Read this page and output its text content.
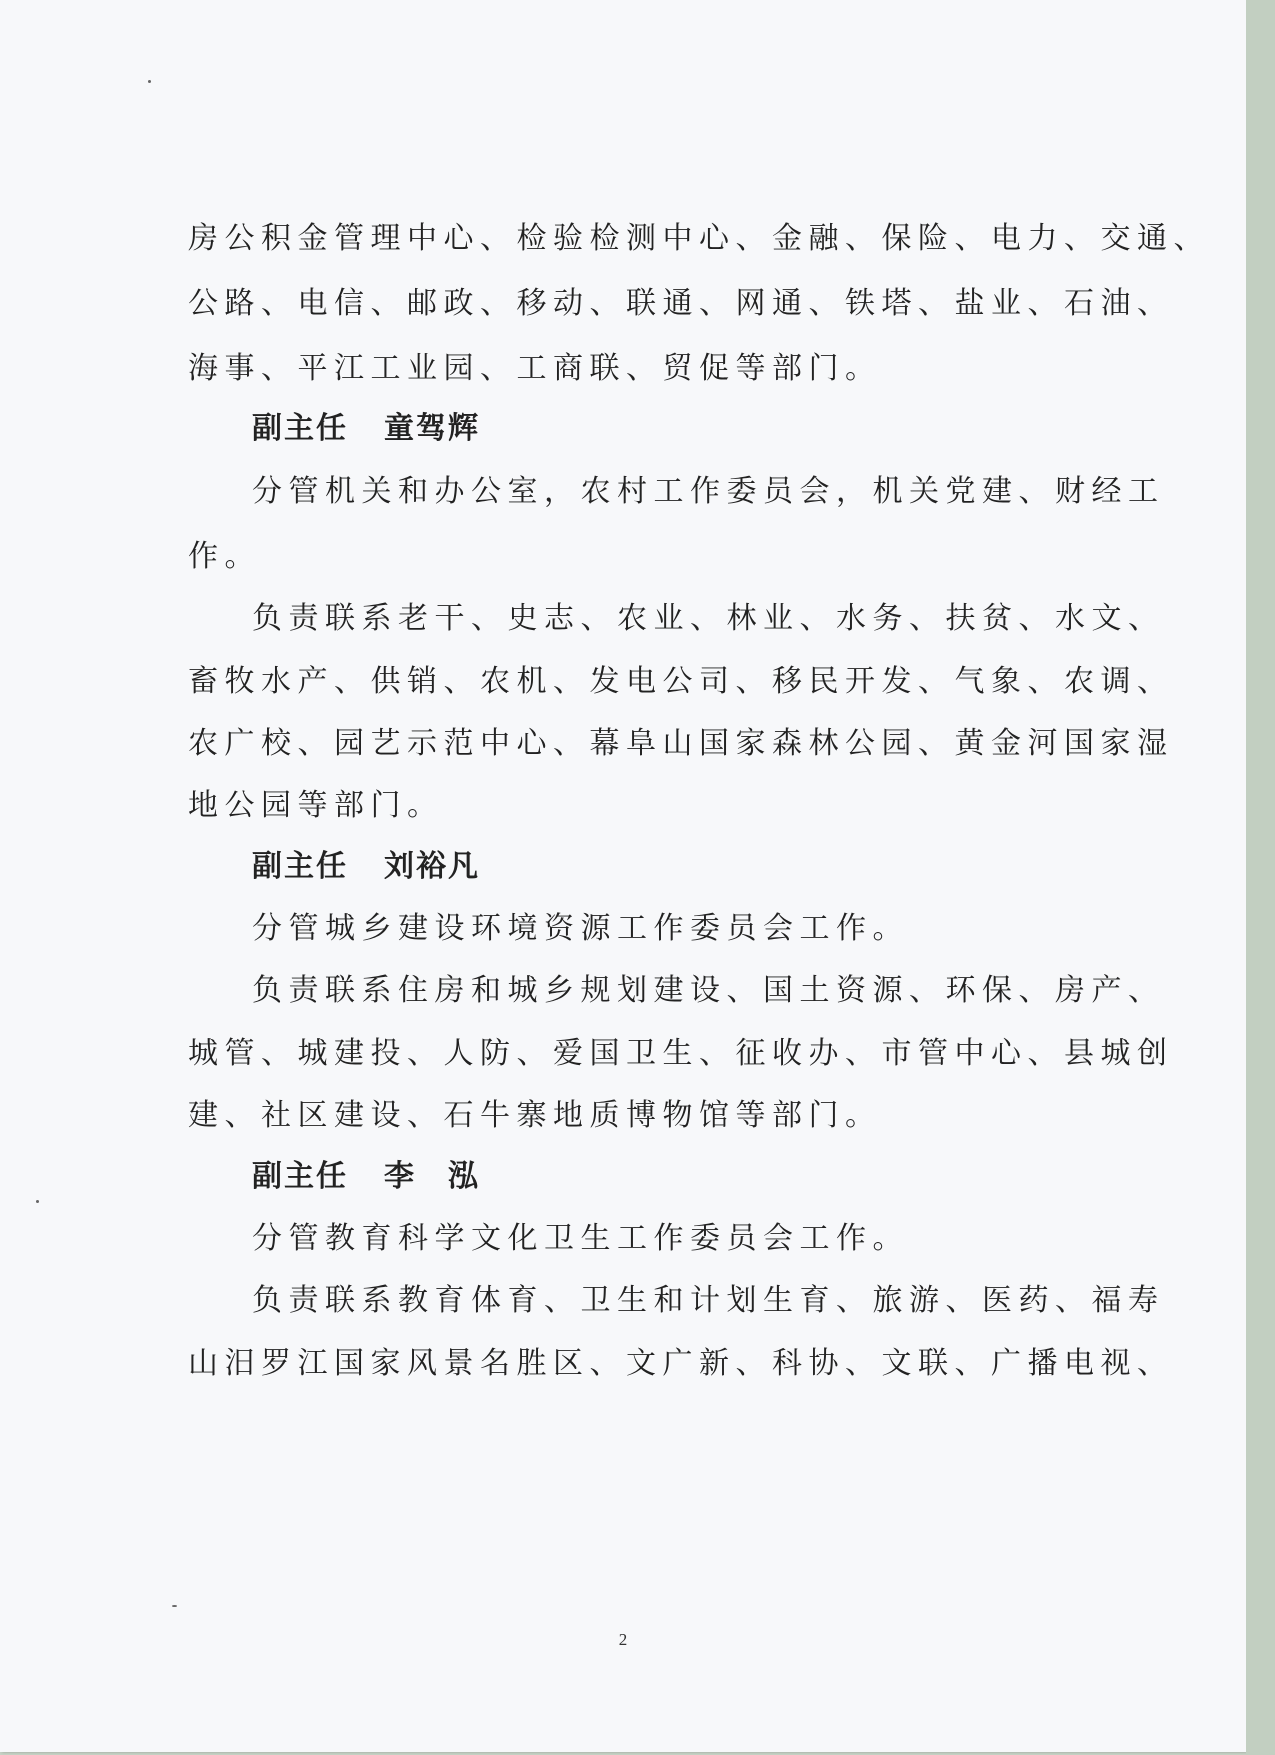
房公积金管理中心、检验检测中心、金融、保险、电力、交通、
公路、电信、邮政、移动、联通、网通、铁塔、盐业、石油、
海事、平江工业园、工商联、贸促等部门。
副主任 童驾辉
分管机关和办公室，农村工作委员会，机关党建、财经工
作。
负责联系老干、史志、农业、林业、水务、扶贫、水文、
畜牧水产、供销、农机、发电公司、移民开发、气象、农调、
农广校、园艺示范中心、幕阜山国家森林公园、黄金河国家湿
地公园等部门。
副主任 刘裕凡
分管城乡建设环境资源工作委员会工作。
负责联系住房和城乡规划建设、国土资源、环保、房产、
城管、城建投、人防、爱国卫生、征收办、市管中心、县城创
建、社区建设、石牛寨地质博物馆等部门。
副主任 李　泓
分管教育科学文化卫生工作委员会工作。
负责联系教育体育、卫生和计划生育、旅游、医药、福寿
山汨罗江国家风景名胜区、文广新、科协、文联、广播电视、
2
